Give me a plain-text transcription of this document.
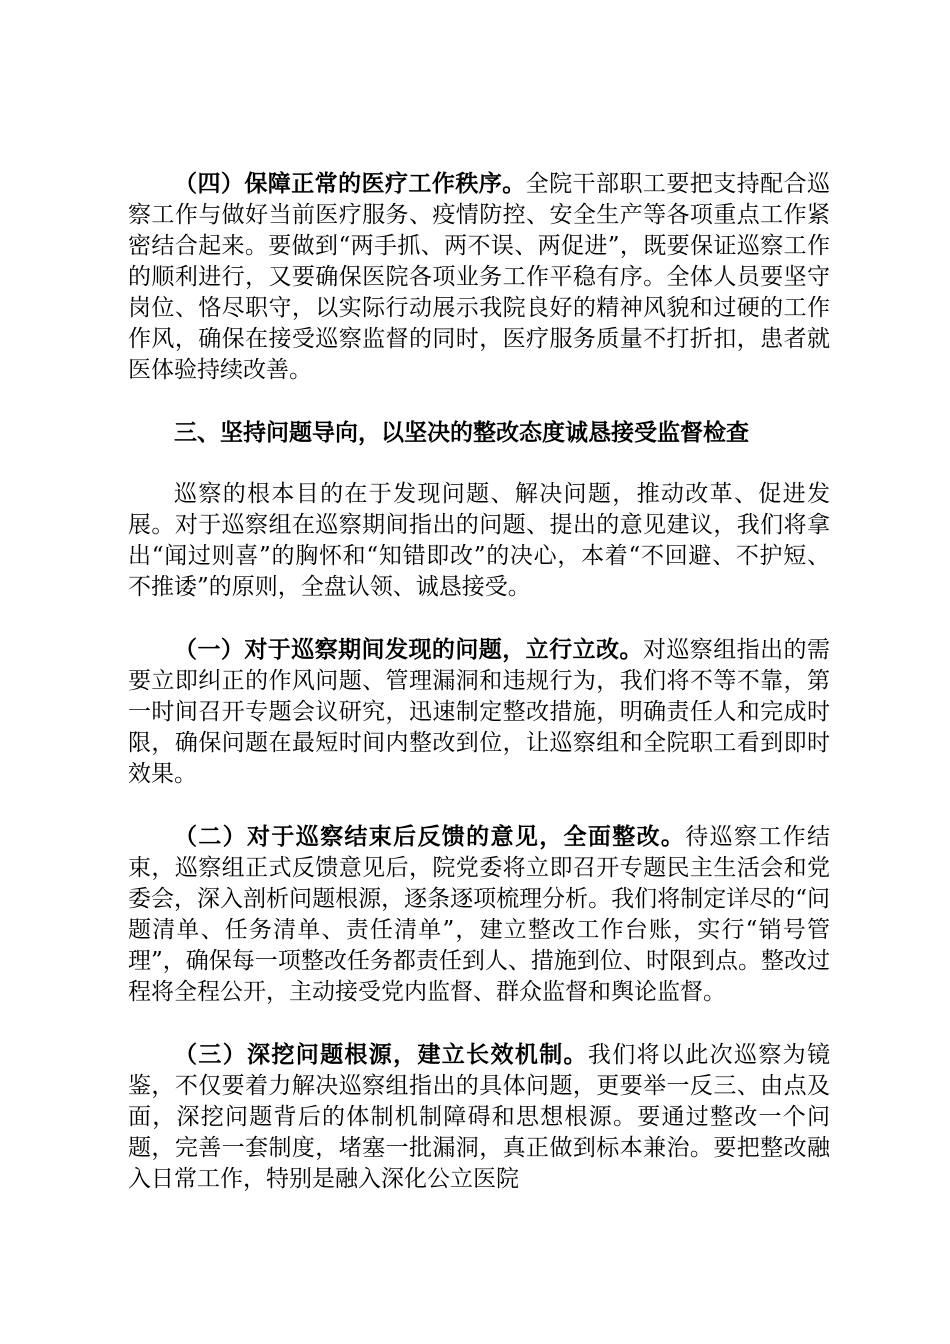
（四）保障正常的医疗工作秩序。全院干部职工要把支持配合巡察工作与做好当前医疗服务、疫情防控、安全生产等各项重点工作紧密结合起来。要做到“两手抓、两不误、两促进”，既要保证巡察工作的顺利进行，又要确保医院各项业务工作平稳有序。全体人员要坚守岗位、恪尽职守，以实际行动展示我院良好的精神风貌和过硬的工作作风，确保在接受巡察监督的同时，医疗服务质量不打折扣，患者就医体验持续改善。

三、坚持问题导向，以坚决的整改态度诚恳接受监督检查

巡察的根本目的在于发现问题、解决问题，推动改革、促进发展。对于巡察组在巡察期间指出的问题、提出的意见建议，我们将拿出“闻过则喜”的胸怀和“知错即改”的决心，本着“不回避、不护短、不推诿”的原则，全盘认领、诚恳接受。

（一）对于巡察期间发现的问题，立行立改。对巡察组指出的需要立即纠正的作风问题、管理漏洞和违规行为，我们将不等不靠，第一时间召开专题会议研究，迅速制定整改措施，明确责任人和完成时限，确保问题在最短时间内整改到位，让巡察组和全院职工看到即时效果。

（二）对于巡察结束后反馈的意见，全面整改。待巡察工作结束，巡察组正式反馈意见后，院党委将立即召开专题民主生活会和党委会，深入剖析问题根源，逐条逐项梳理分析。我们将制定详尽的“问题清单、任务清单、责任清单”，建立整改工作台账，实行“销号管理”，确保每一项整改任务都责任到人、措施到位、时限到点。整改过程将全程公开，主动接受党内监督、群众监督和舆论监督。

（三）深挖问题根源，建立长效机制。我们将以此次巡察为镜鉴，不仅要着力解决巡察组指出的具体问题，更要举一反三、由点及面，深挖问题背后的体制机制障碍和思想根源。要通过整改一个问题，完善一套制度，堵塞一批漏洞，真正做到标本兼治。要把整改融入日常工作，特别是融入深化公立医院
